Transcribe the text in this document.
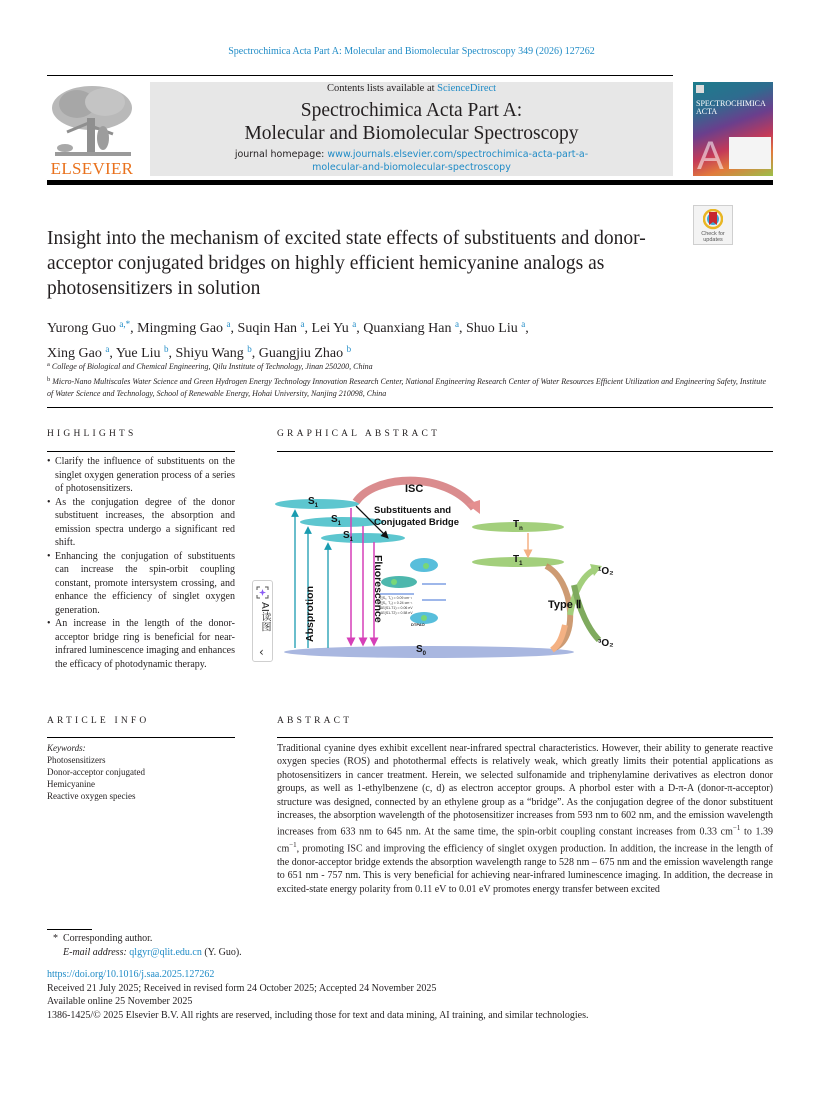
Spectrochimica Acta Part A: Molecular and Biomolecular Spectroscopy 349 (2026) 127262
ELSEVIER
Contents lists available at ScienceDirect
Spectrochimica Acta Part A:
Molecular and Biomolecular Spectroscopy
journal homepage: www.journals.elsevier.com/spectrochimica-acta-part-a-
molecular-and-biomolecular-spectroscopy
SPECTROCHIMICA
ACTA
A
Check for
updates
Insight into the mechanism of excited state effects of substituents and donor-acceptor conjugated bridges on highly efficient hemicyanine analogs as photosensitizers in solution
Yurong Guo $^{a,*}$, Mingming Gao $^a$, Suqin Han $^a$, Lei Yu $^a$, Quanxiang Han $^a$, Shuo Liu $^a$,
Xing Gao $^a$, Yue Liu $^b$, Shiyu Wang $^b$, Guangjiu Zhao $^b$
$^a$ College of Biological and Chemical Engineering, Qilu Institute of Technology, Jinan 250200, China
$^b$ Micro-Nano Multiscales Water Science and Green Hydrogen Energy Technology Innovation Research Center, National Engineering Research Center of Water Resources Efficient Utilization and Engineering Safety, Institute of Water Science and Technology, School of Renewable Energy, Hohai University, Nanjing 210098, China
HIGHLIGHTS
• Clarify the influence of substituents on the singlet oxygen generation process of a series of photosensitizers.
• As the conjugation degree of the donor substituent increases, the absorption and emission spectra undergo a significant red shift.
• Enhancing the conjugation of substituents can increase the spin-orbit coupling constant, promote intersystem crossing, and enhance the efficiency of singlet oxygen generation.
• An increase in the length of the donor-acceptor bridge ring is beneficial for near-infrared luminescence imaging and enhances the efficacy of photodynamic therapy.
AI读图
‹
GRAPHICAL ABSTRACT
ISC
$S_1$
$S_1$
$S_1$
Substituents and
Conjugated Bridge	$T_n$
$T_1$
$S_0$
Absprotion	Fluorescence	Type Ⅱ
¹O₂
³O₂
ξ(S₁, T₁) = 0.09 cm⁻¹
ξ(S₁, T₂) = 0.24 cm⁻¹
ΔE(S1-T1) = 0.06 eV
ΔE(S1-T2) = 0.58 eV
DTPAO
ARTICLE INFO
Keywords:
Photosensitizers
Donor-acceptor conjugated
Hemicyanine
Reactive oxygen species
ABSTRACT
Traditional cyanine dyes exhibit excellent near-infrared spectral characteristics. However, their ability to generate reactive oxygen species (ROS) and photothermal effects is relatively weak, which greatly limits their potential applications as photosensitizers in cancer treatment. Herein, we selected sulfonamide and triphenylamine derivatives as electron donor groups, as well as 1-ethylbenzene (c, d) as electron acceptor groups. A phorbol ester with a D-π-A (donor-π-acceptor) structure was designed, connected by an ethylene group as a “bridge”. As the conjugation degree of the donor substituent increases, the absorption wavelength of the photosensitizer increases from 593 nm to 602 nm, and the emission wavelength increases from 633 nm to 645 nm. At the same time, the spin-orbit coupling constant increases from 0.33 $cm^{-1}$ to 1.39 $cm^{-1}$, promoting ISC and improving the efficiency of singlet oxygen production. In addition, the increase in the length of the donor-acceptor bridge extends the absorption wavelength range to 528 nm – 675 nm and the emission wavelength range to 651 nm - 757 nm. This is very beneficial for achieving near-infrared luminescence imaging. In addition, the decrease in excited-state energy polarity from 0.11 eV to 0.01 eV promotes energy transfer between excited
* Corresponding author.
E-mail address: qlgyr@qlit.edu.cn (Y. Guo).
https://doi.org/10.1016/j.saa.2025.127262
Received 21 July 2025; Received in revised form 24 October 2025; Accepted 24 November 2025
Available online 25 November 2025
1386-1425/© 2025 Elsevier B.V. All rights are reserved, including those for text and data mining, AI training, and similar technologies.
